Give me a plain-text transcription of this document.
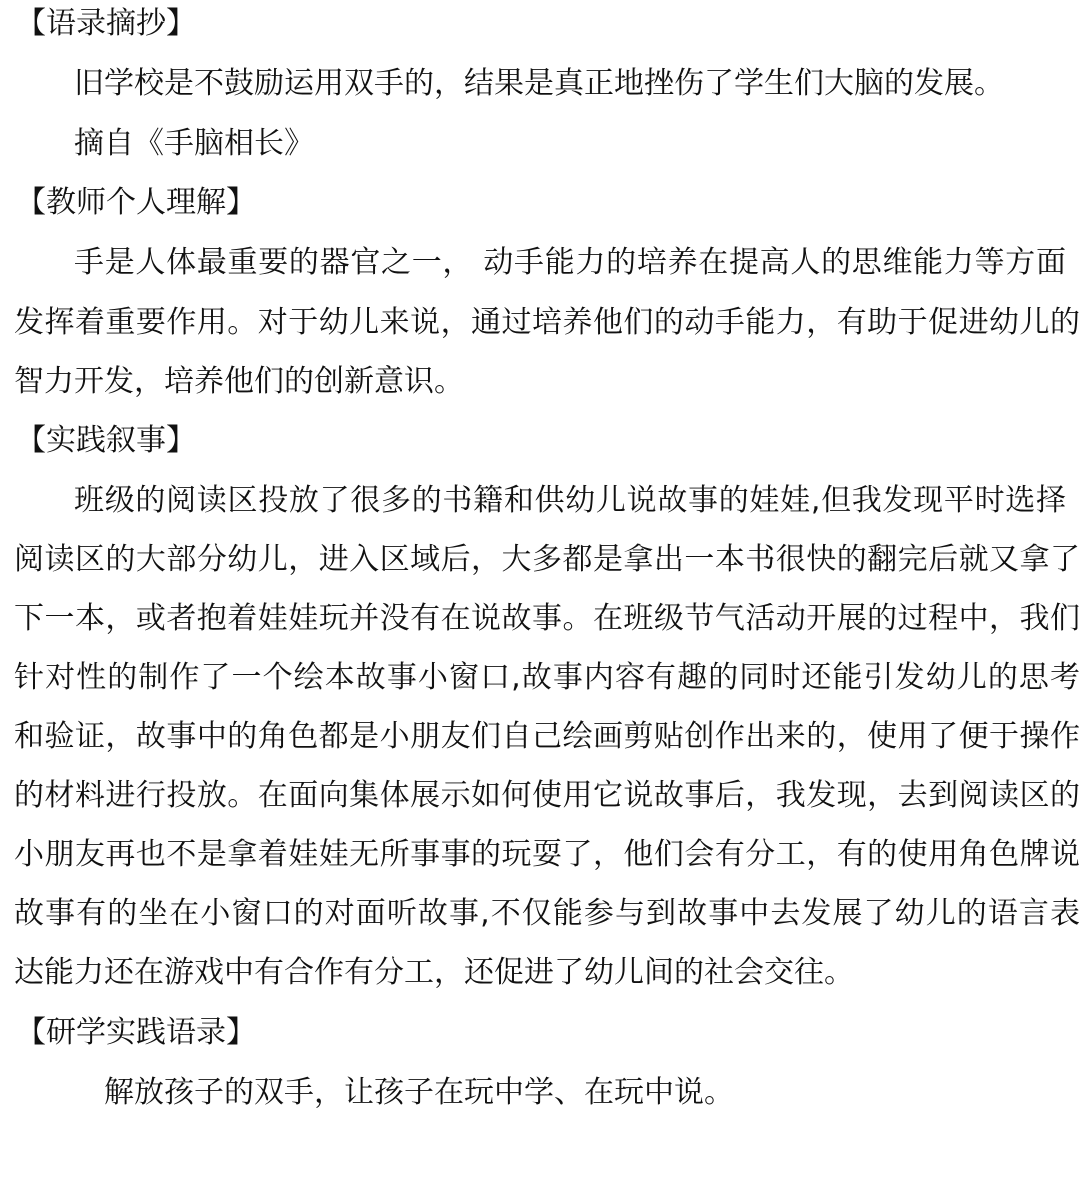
【语录摘抄】
旧学校是不鼓励运用双手的，结果是真正地挫伤了学生们大脑的发展。
摘自《手脑相长》
【教师个人理解】
手是人体最重要的器官之一， 动手能力的培养在提高人的思维能力等方面
发挥着重要作用。对于幼儿来说，通过培养他们的动手能力，有助于促进幼儿的
智力开发，培养他们的创新意识。
【实践叙事】
班级的阅读区投放了很多的书籍和供幼儿说故事的娃娃,但我发现平时选择
阅读区的大部分幼儿，进入区域后，大多都是拿出一本书很快的翻完后就又拿了
下一本，或者抱着娃娃玩并没有在说故事。在班级节气活动开展的过程中，我们
针对性的制作了一个绘本故事小窗口,故事内容有趣的同时还能引发幼儿的思考
和验证，故事中的角色都是小朋友们自己绘画剪贴创作出来的，使用了便于操作
的材料进行投放。在面向集体展示如何使用它说故事后，我发现，去到阅读区的
小朋友再也不是拿着娃娃无所事事的玩耍了，他们会有分工，有的使用角色牌说
故事有的坐在小窗口的对面听故事,不仅能参与到故事中去发展了幼儿的语言表
达能力还在游戏中有合作有分工，还促进了幼儿间的社会交往。
【研学实践语录】
解放孩子的双手，让孩子在玩中学、在玩中说。
